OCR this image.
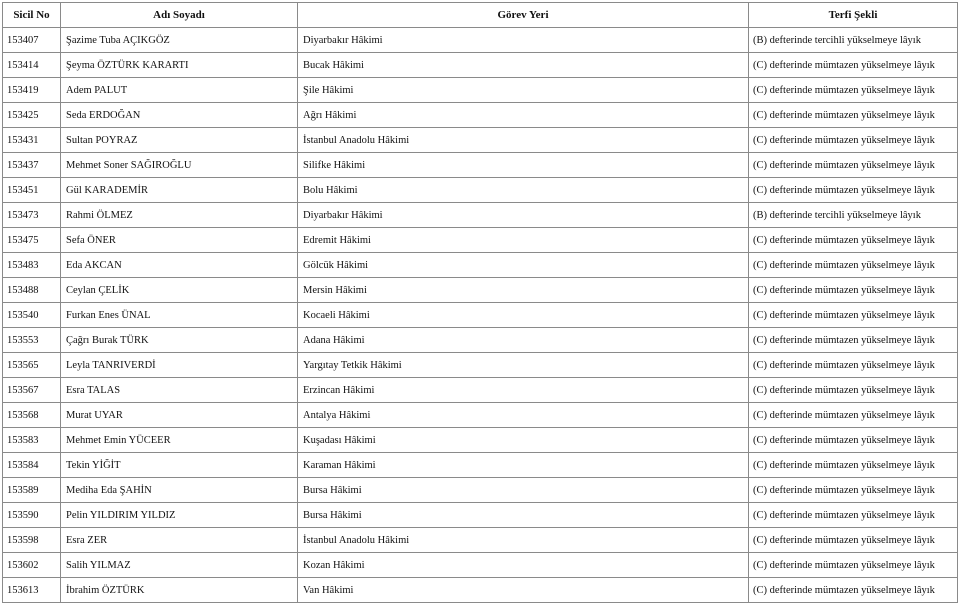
Sicil No	Adı Soyadı	Görev Yeri	Terfi Şekli
153407	Şazime Tuba AÇIKGÖZ	Diyarbakır Hâkimi	(B) defterinde tercihli yükselmeye lâyık
153414	Şeyma ÖZTÜRK KARARTI	Bucak Hâkimi	(C) defterinde mümtazen yükselmeye lâyık
153419	Adem PALUT	Şile Hâkimi	(C) defterinde mümtazen yükselmeye lâyık
153425	Seda ERDOĞAN	Ağrı Hâkimi	(C) defterinde mümtazen yükselmeye lâyık
153431	Sultan POYRAZ	İstanbul Anadolu Hâkimi	(C) defterinde mümtazen yükselmeye lâyık
153437	Mehmet Soner SAĞIROĞLU	Silifke Hâkimi	(C) defterinde mümtazen yükselmeye lâyık
153451	Gül KARADEMİR	Bolu Hâkimi	(C) defterinde mümtazen yükselmeye lâyık
153473	Rahmi ÖLMEZ	Diyarbakır Hâkimi	(B) defterinde tercihli yükselmeye lâyık
153475	Sefa ÖNER	Edremit Hâkimi	(C) defterinde mümtazen yükselmeye lâyık
153483	Eda AKCAN	Gölcük Hâkimi	(C) defterinde mümtazen yükselmeye lâyık
153488	Ceylan ÇELİK	Mersin Hâkimi	(C) defterinde mümtazen yükselmeye lâyık
153540	Furkan Enes ÜNAL	Kocaeli Hâkimi	(C) defterinde mümtazen yükselmeye lâyık
153553	Çağrı Burak TÜRK	Adana Hâkimi	(C) defterinde mümtazen yükselmeye lâyık
153565	Leyla TANRIVERDİ	Yargıtay Tetkik Hâkimi	(C) defterinde mümtazen yükselmeye lâyık
153567	Esra TALAS	Erzincan Hâkimi	(C) defterinde mümtazen yükselmeye lâyık
153568	Murat UYAR	Antalya Hâkimi	(C) defterinde mümtazen yükselmeye lâyık
153583	Mehmet Emin YÜCEER	Kuşadası Hâkimi	(C) defterinde mümtazen yükselmeye lâyık
153584	Tekin YİĞİT	Karaman Hâkimi	(C) defterinde mümtazen yükselmeye lâyık
153589	Mediha Eda ŞAHİN	Bursa Hâkimi	(C) defterinde mümtazen yükselmeye lâyık
153590	Pelin YILDIRIM YILDIZ	Bursa Hâkimi	(C) defterinde mümtazen yükselmeye lâyık
153598	Esra ZER	İstanbul Anadolu Hâkimi	(C) defterinde mümtazen yükselmeye lâyık
153602	Salih YILMAZ	Kozan Hâkimi	(C) defterinde mümtazen yükselmeye lâyık
153613	İbrahim ÖZTÜRK	Van Hâkimi	(C) defterinde mümtazen yükselmeye lâyık
